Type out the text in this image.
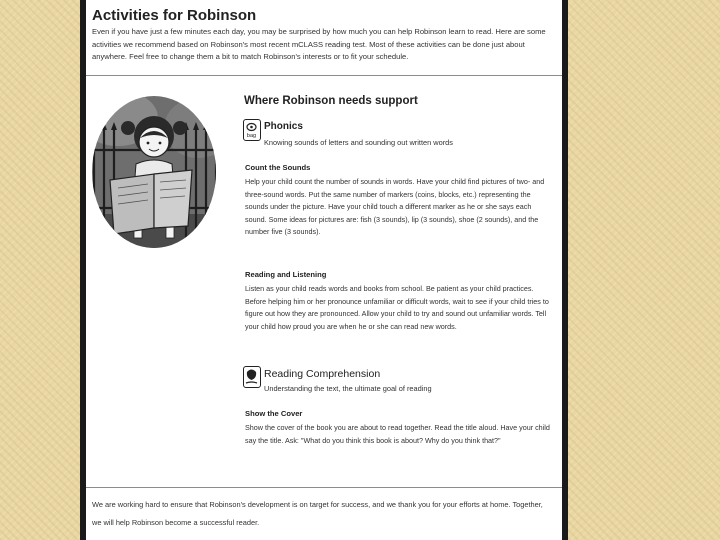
Activities for Robinson
Even if you have just a few minutes each day, you may be surprised by how much you can help Robinson learn to read. Here are some activities we recommend based on Robinson's most recent mCLASS reading test. Most of these activities can be done just about anywhere. Feel free to change them a bit to match Robinson's interests or to fit your schedule.
Where Robinson needs support
bag
Phonics
Knowing sounds of letters and sounding out written words
Count the Sounds
Help your child count the number of sounds in words. Have your child find pictures of two- and three-sound words. Put the same number of markers (coins, blocks, etc.) representing the sounds under the picture. Have your child touch a different marker as he or she says each sound. Some ideas for pictures are: fish (3 sounds), lip (3 sounds), shoe (2 sounds), and the number five (3 sounds).
Reading and Listening
Listen as your child reads words and books from school. Be patient as your child practices. Before helping him or her pronounce unfamiliar or difficult words, wait to see if your child tries to figure out how they are pronounced. Allow your child to try and sound out unfamiliar words. Tell your child how proud you are when he or she can read new words.
Reading Comprehension
Understanding the text, the ultimate goal of reading
Show the Cover
Show the cover of the book you are about to read together. Read the title aloud. Have your child say the title. Ask: "What do you think this book is about? Why do you think that?"
We are working hard to ensure that Robinson's development is on target for success, and we thank you for your efforts at home. Together, we will help Robinson become a successful reader.
